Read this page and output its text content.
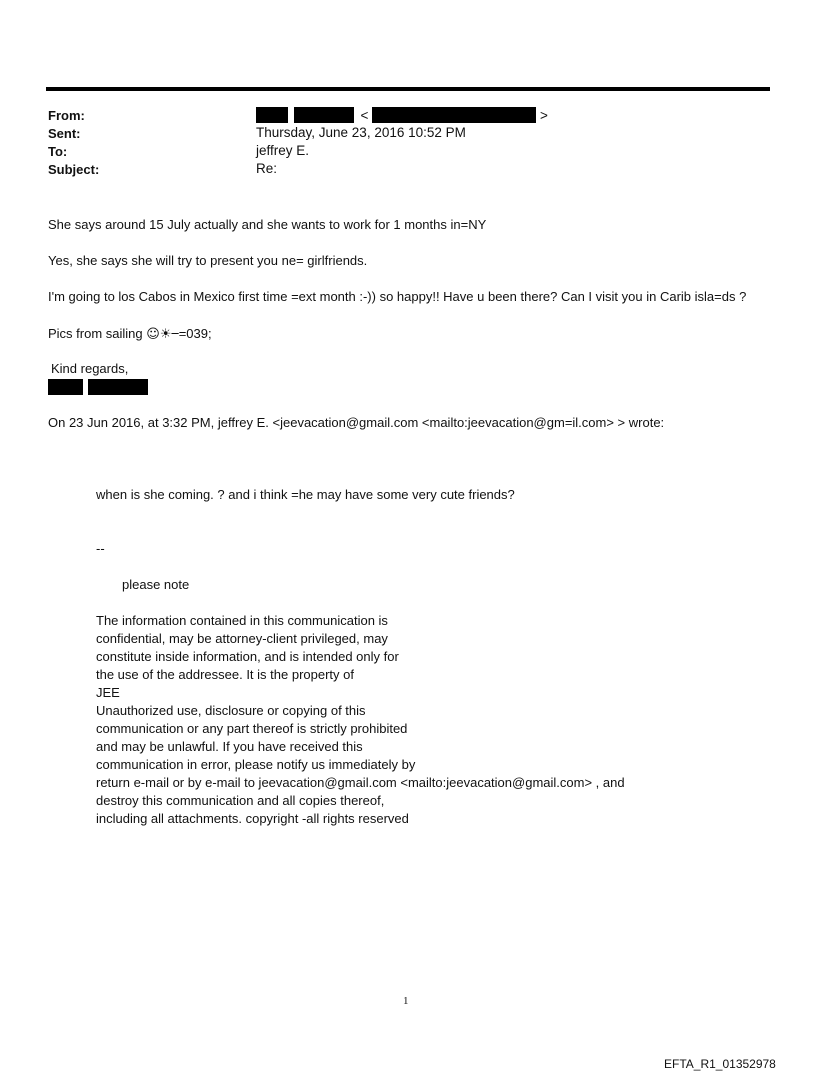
From:	<	>
Sent:	Thursday, June 23, 2016 10:52 PM
To:	jeffrey E.
Subject:	Re:
She says around 15 July actually and she wants to work for 1 months in=NY
Yes, she says she will try to present you ne= girlfriends.
I'm going to los Cabos in Mexico first time =ext month :-)) so happy!! Have u been there? Can I visit you in Carib isla=ds ?
Pics from sailing ☺☀ =039;
Kind regards,

On 23 Jun 2016, at 3:32 PM, jeffrey E. <jeevacation@gmail.com <mailto:jeevacation@gm=il.com> > wrote:
when is she coming. ? and i think =he may have some very cute friends?
--
please note
The information contained in this communication is
confidential, may be attorney-client privileged, may
constitute inside information, and is intended only for
the use of the addressee. It is the property of
JEE
Unauthorized use, disclosure or copying of this
communication or any part thereof is strictly prohibited
and may be unlawful. If you have received this
communication in error, please notify us immediately by
return e-mail or by e-mail to jeevacation@gmail.com <mailto:jeevacation@gmail.com> , and
destroy this communication and all copies thereof,
including all attachments. copyright -all rights reserved
1
EFTA_R1_01352978
